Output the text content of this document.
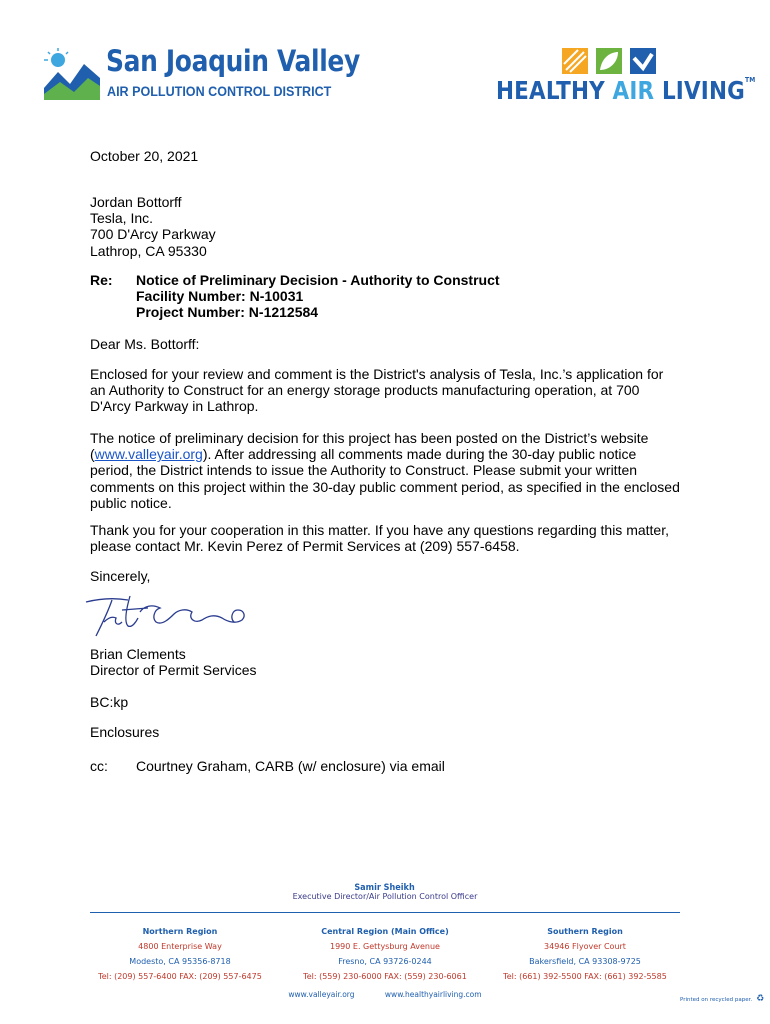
San Joaquin Valley
AIR POLLUTION CONTROL DISTRICT	HEALTHY AIR LIVING™

October 20, 2021

Jordan Bottorff

Tesla, Inc.

700 D'Arcy Parkway

Lathrop, CA 95330

Re: Notice of Preliminary Decision - Authority to Construct

Facility Number: N-10031

Project Number: N-1212584

Dear Ms. Bottorff:

Enclosed for your review and comment is the District's analysis of Tesla, Inc.’s application for an Authority to Construct for an energy storage products manufacturing operation, at 700 D'Arcy Parkway in Lathrop.

The notice of preliminary decision for this project has been posted on the District’s website (www.valleyair.org). After addressing all comments made during the 30-day public notice period, the District intends to issue the Authority to Construct. Please submit your written comments on this project within the 30-day public comment period, as specified in the enclosed public notice.

Thank you for your cooperation in this matter. If you have any questions regarding this matter, please contact Mr. Kevin Perez of Permit Services at (209) 557-6458.

Sincerely,

Brian Clements

Director of Permit Services

BC:kp

Enclosures

cc: Courtney Graham, CARB (w/ enclosure) via email
Samir Sheikh
Executive Director/Air Pollution Control Officer
Northern Region
4800 Enterprise Way
Modesto, CA 95356-8718
Tel: (209) 557-6400 FAX: (209) 557-6475
Central Region (Main Office)
1990 E. Gettysburg Avenue
Fresno, CA 93726-0244
Tel: (559) 230-6000 FAX: (559) 230-6061
Southern Region
34946 Flyover Court
Bakersfield, CA 93308-9725
Tel: (661) 392-5500 FAX: (661) 392-5585
www.valleyair.org	www.healthyairliving.com
Printed on recycled paper. ♻
